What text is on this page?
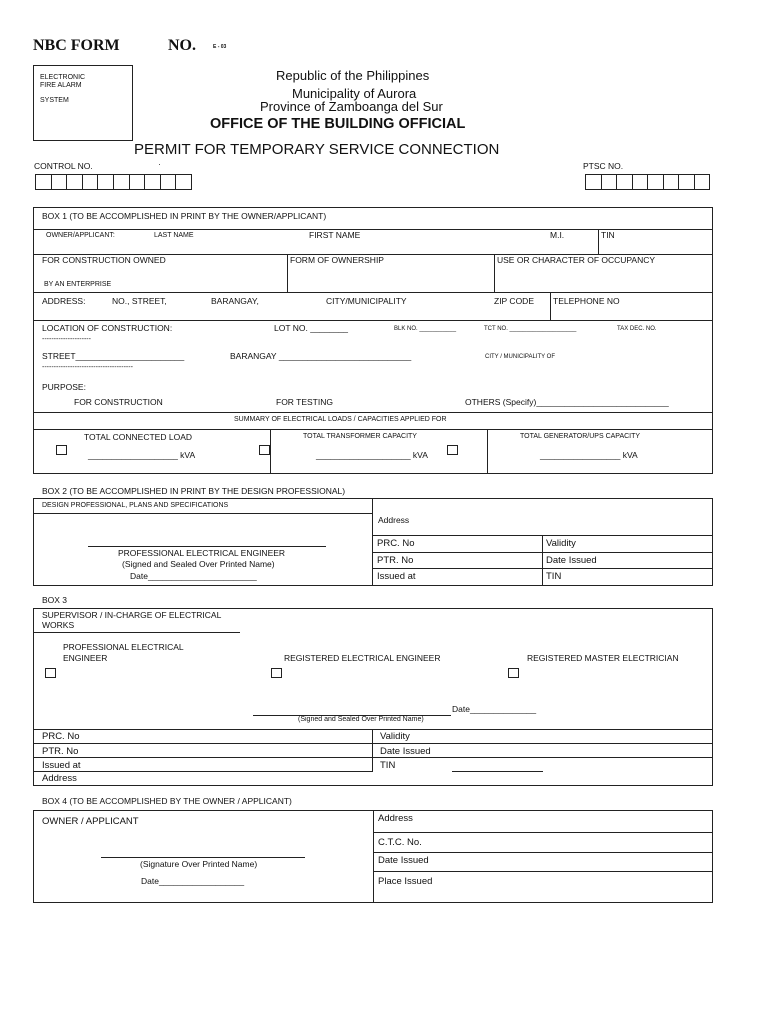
NBC FORM	NO.	E - 03
ELECTRONIC
FIRE ALARM
SYSTEM
Republic of the Philippines
Municipality of Aurora
Province of Zamboanga del Sur
OFFICE OF THE BUILDING OFFICIAL
PERMIT FOR TEMPORARY SERVICE CONNECTION
CONTROL NO.	·	PTSC NO.
BOX 1 (TO BE ACCOMPLISHED IN PRINT BY THE OWNER/APPLICANT)
OWNER/APPLICANT:	LAST NAME	FIRST NAME	M.I.	TIN
FOR CONSTRUCTION OWNED
BY AN ENTERPRISE
FORM OF OWNERSHIP	USE OR CHARACTER OF OCCUPANCY
ADDRESS:	NO., STREET,	BARANGAY,	CITY/MUNICIPALITY	ZIP CODE TELEPHONE NO
LOCATION OF CONSTRUCTION:	LOT NO. ________	BLK NO. ___________	TCT NO. ____________________	TAX DEC. NO.
---------------------
STREET_______________________	BARANGAY ____________________________	CITY / MUNICIPALITY OF
---------------------------------------
PURPOSE:
FOR CONSTRUCTION	FOR TESTING	OTHERS (Specify)____________________________
SUMMARY OF ELECTRICAL LOADS / CAPACITIES APPLIED FOR
TOTAL CONNECTED LOAD	TOTAL TRANSFORMER CAPACITY	TOTAL GENERATOR/UPS CAPACITY
___________________ kVA	____________________ kVA	_________________ kVA
BOX 2 (TO BE ACCOMPLISHED IN PRINT BY THE DESIGN PROFESSIONAL)
DESIGN PROFESSIONAL, PLANS AND SPECIFICATIONS
Address
PROFESSIONAL ELECTRICAL ENGINEER
(Signed and Sealed Over Printed Name)
Date_______________________
PRC. No	Validity
PTR. No	Date Issued
Issued at	TIN
BOX 3
SUPERVISOR / IN-CHARGE OF ELECTRICAL
WORKS
PROFESSIONAL ELECTRICAL
ENGINEER	REGISTERED ELECTRICAL ENGINEER	REGISTERED MASTER ELECTRICIAN
Date______________
(Signed and Sealed Over Printed Name)
PRC. No	Validity
PTR. No	Date Issued
Issued at	TIN
Address
BOX 4 (TO BE ACCOMPLISHED BY THE OWNER / APPLICANT)
OWNER / APPLICANT	Address
C.T.C. No.
Date Issued
Place Issued
(Signature Over Printed Name)
Date__________________
